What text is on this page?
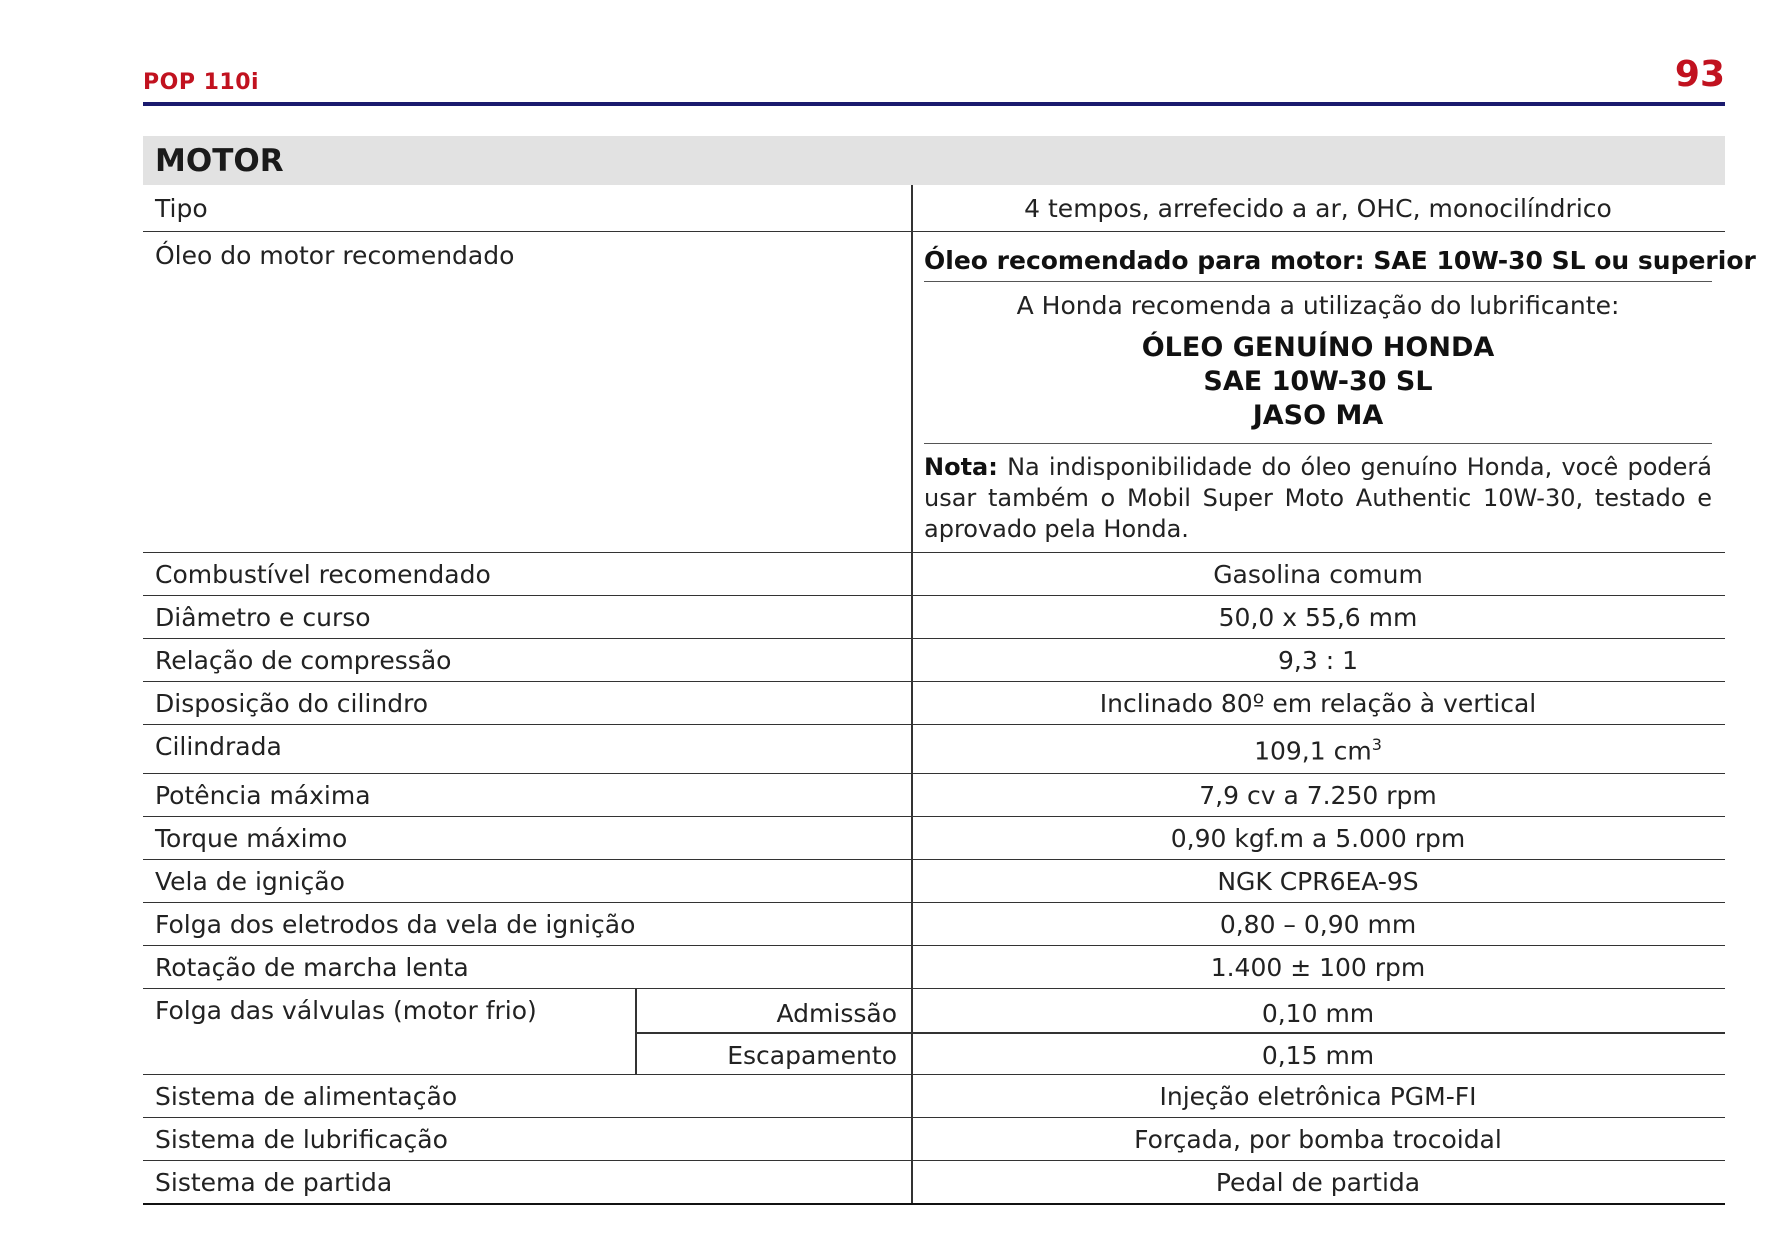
POP 110i	93
MOTOR
Tipo	4 tempos, arrefecido a ar, OHC, monocilíndrico
Óleo do motor recomendado	Óleo recomendado para motor: SAE 10W-30 SL ou superior
A Honda recomenda a utilização do lubrificante:
ÓLEO GENUÍNO HONDA
SAE 10W-30 SL
JASO MA
Nota: Na indisponibilidade do óleo genuíno Honda, você poderá usar também o Mobil Super Moto Authentic 10W-30, testado e aprovado pela Honda.
Combustível recomendado	Gasolina comum
Diâmetro e curso	50,0 x 55,6 mm
Relação de compressão	9,3 : 1
Disposição do cilindro	Inclinado 80º em relação à vertical
Cilindrada	109,1 $cm^3$
Potência máxima	7,9 cv a 7.250 rpm
Torque máximo	0,90 kgf.m a 5.000 rpm
Vela de ignição	NGK CPR6EA-9S
Folga dos eletrodos da vela de ignição	0,80 – 0,90 mm
Rotação de marcha lenta	1.400 ± 100 rpm
Folga das válvulas (motor frio)	Admissão	0,10 mm
Escapamento	0,15 mm
Sistema de alimentação	Injeção eletrônica PGM-FI
Sistema de lubrificação	Forçada, por bomba trocoidal
Sistema de partida	Pedal de partida
